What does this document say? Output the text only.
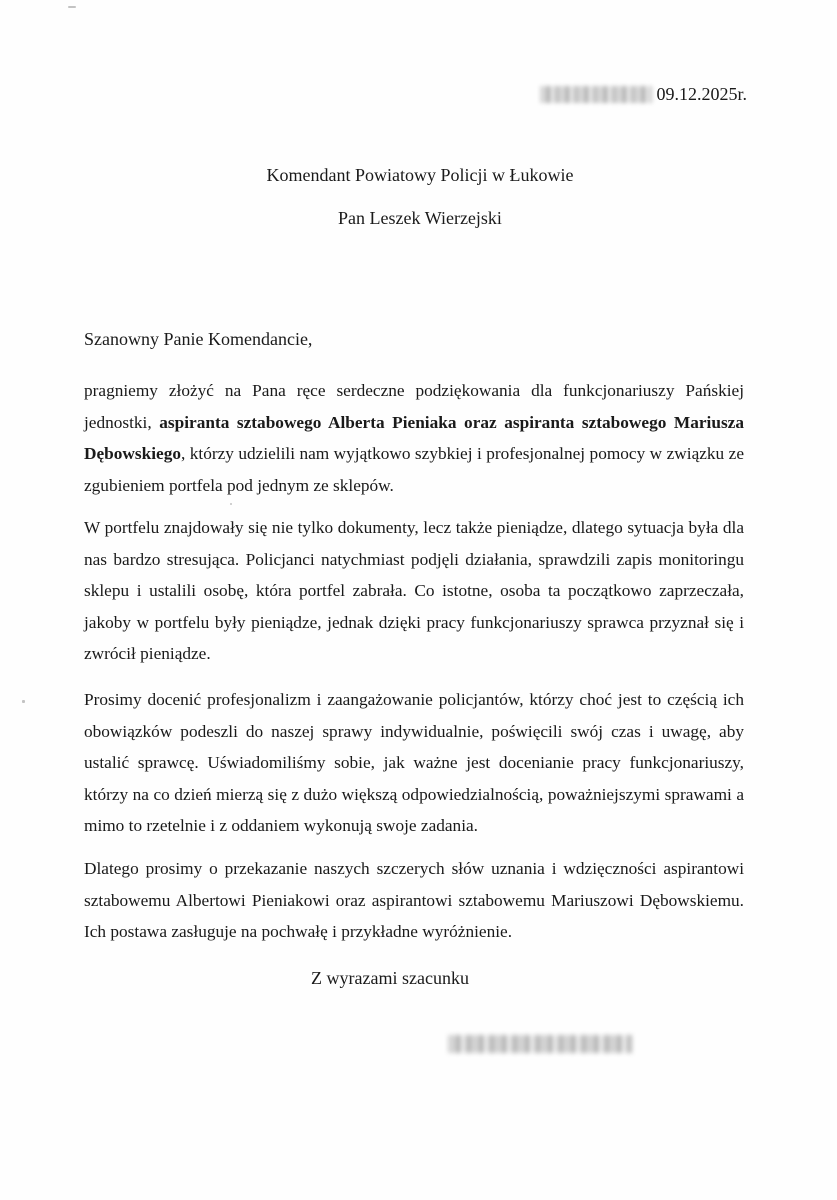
09.12.2025r.
Komendant Powiatowy Policji w Łukowie
Pan Leszek Wierzejski
Szanowny Panie Komendancie,
pragniemy złożyć na Pana ręce serdeczne podziękowania dla funkcjonariuszy Pańskiej jednostki, aspiranta sztabowego Alberta Pieniaka oraz aspiranta sztabowego Mariusza Dębowskiego, którzy udzielili nam wyjątkowo szybkiej i profesjonalnej pomocy w związku ze zgubieniem portfela pod jednym ze sklepów.
W portfelu znajdowały się nie tylko dokumenty, lecz także pieniądze, dlatego sytuacja była dla nas bardzo stresująca. Policjanci natychmiast podjęli działania, sprawdzili zapis monitoringu sklepu i ustalili osobę, która portfel zabrała. Co istotne, osoba ta początkowo zaprzeczała, jakoby w portfelu były pieniądze, jednak dzięki pracy funkcjonariuszy sprawca przyznał się i zwrócił pieniądze.
Prosimy docenić profesjonalizm i zaangażowanie policjantów, którzy choć jest to częścią ich obowiązków podeszli do naszej sprawy indywidualnie, poświęcili swój czas i uwagę, aby ustalić sprawcę. Uświadomiliśmy sobie, jak ważne jest docenianie pracy funkcjonariuszy, którzy na co dzień mierzą się z dużo większą odpowiedzialnością, poważniejszymi sprawami a mimo to rzetelnie i z oddaniem wykonują swoje zadania.
Dlatego prosimy o przekazanie naszych szczerych słów uznania i wdzięczności aspirantowi sztabowemu Albertowi Pieniakowi oraz aspirantowi sztabowemu Mariuszowi Dębowskiemu. Ich postawa zasługuje na pochwałę i przykładne wyróżnienie.
Z wyrazami szacunku
